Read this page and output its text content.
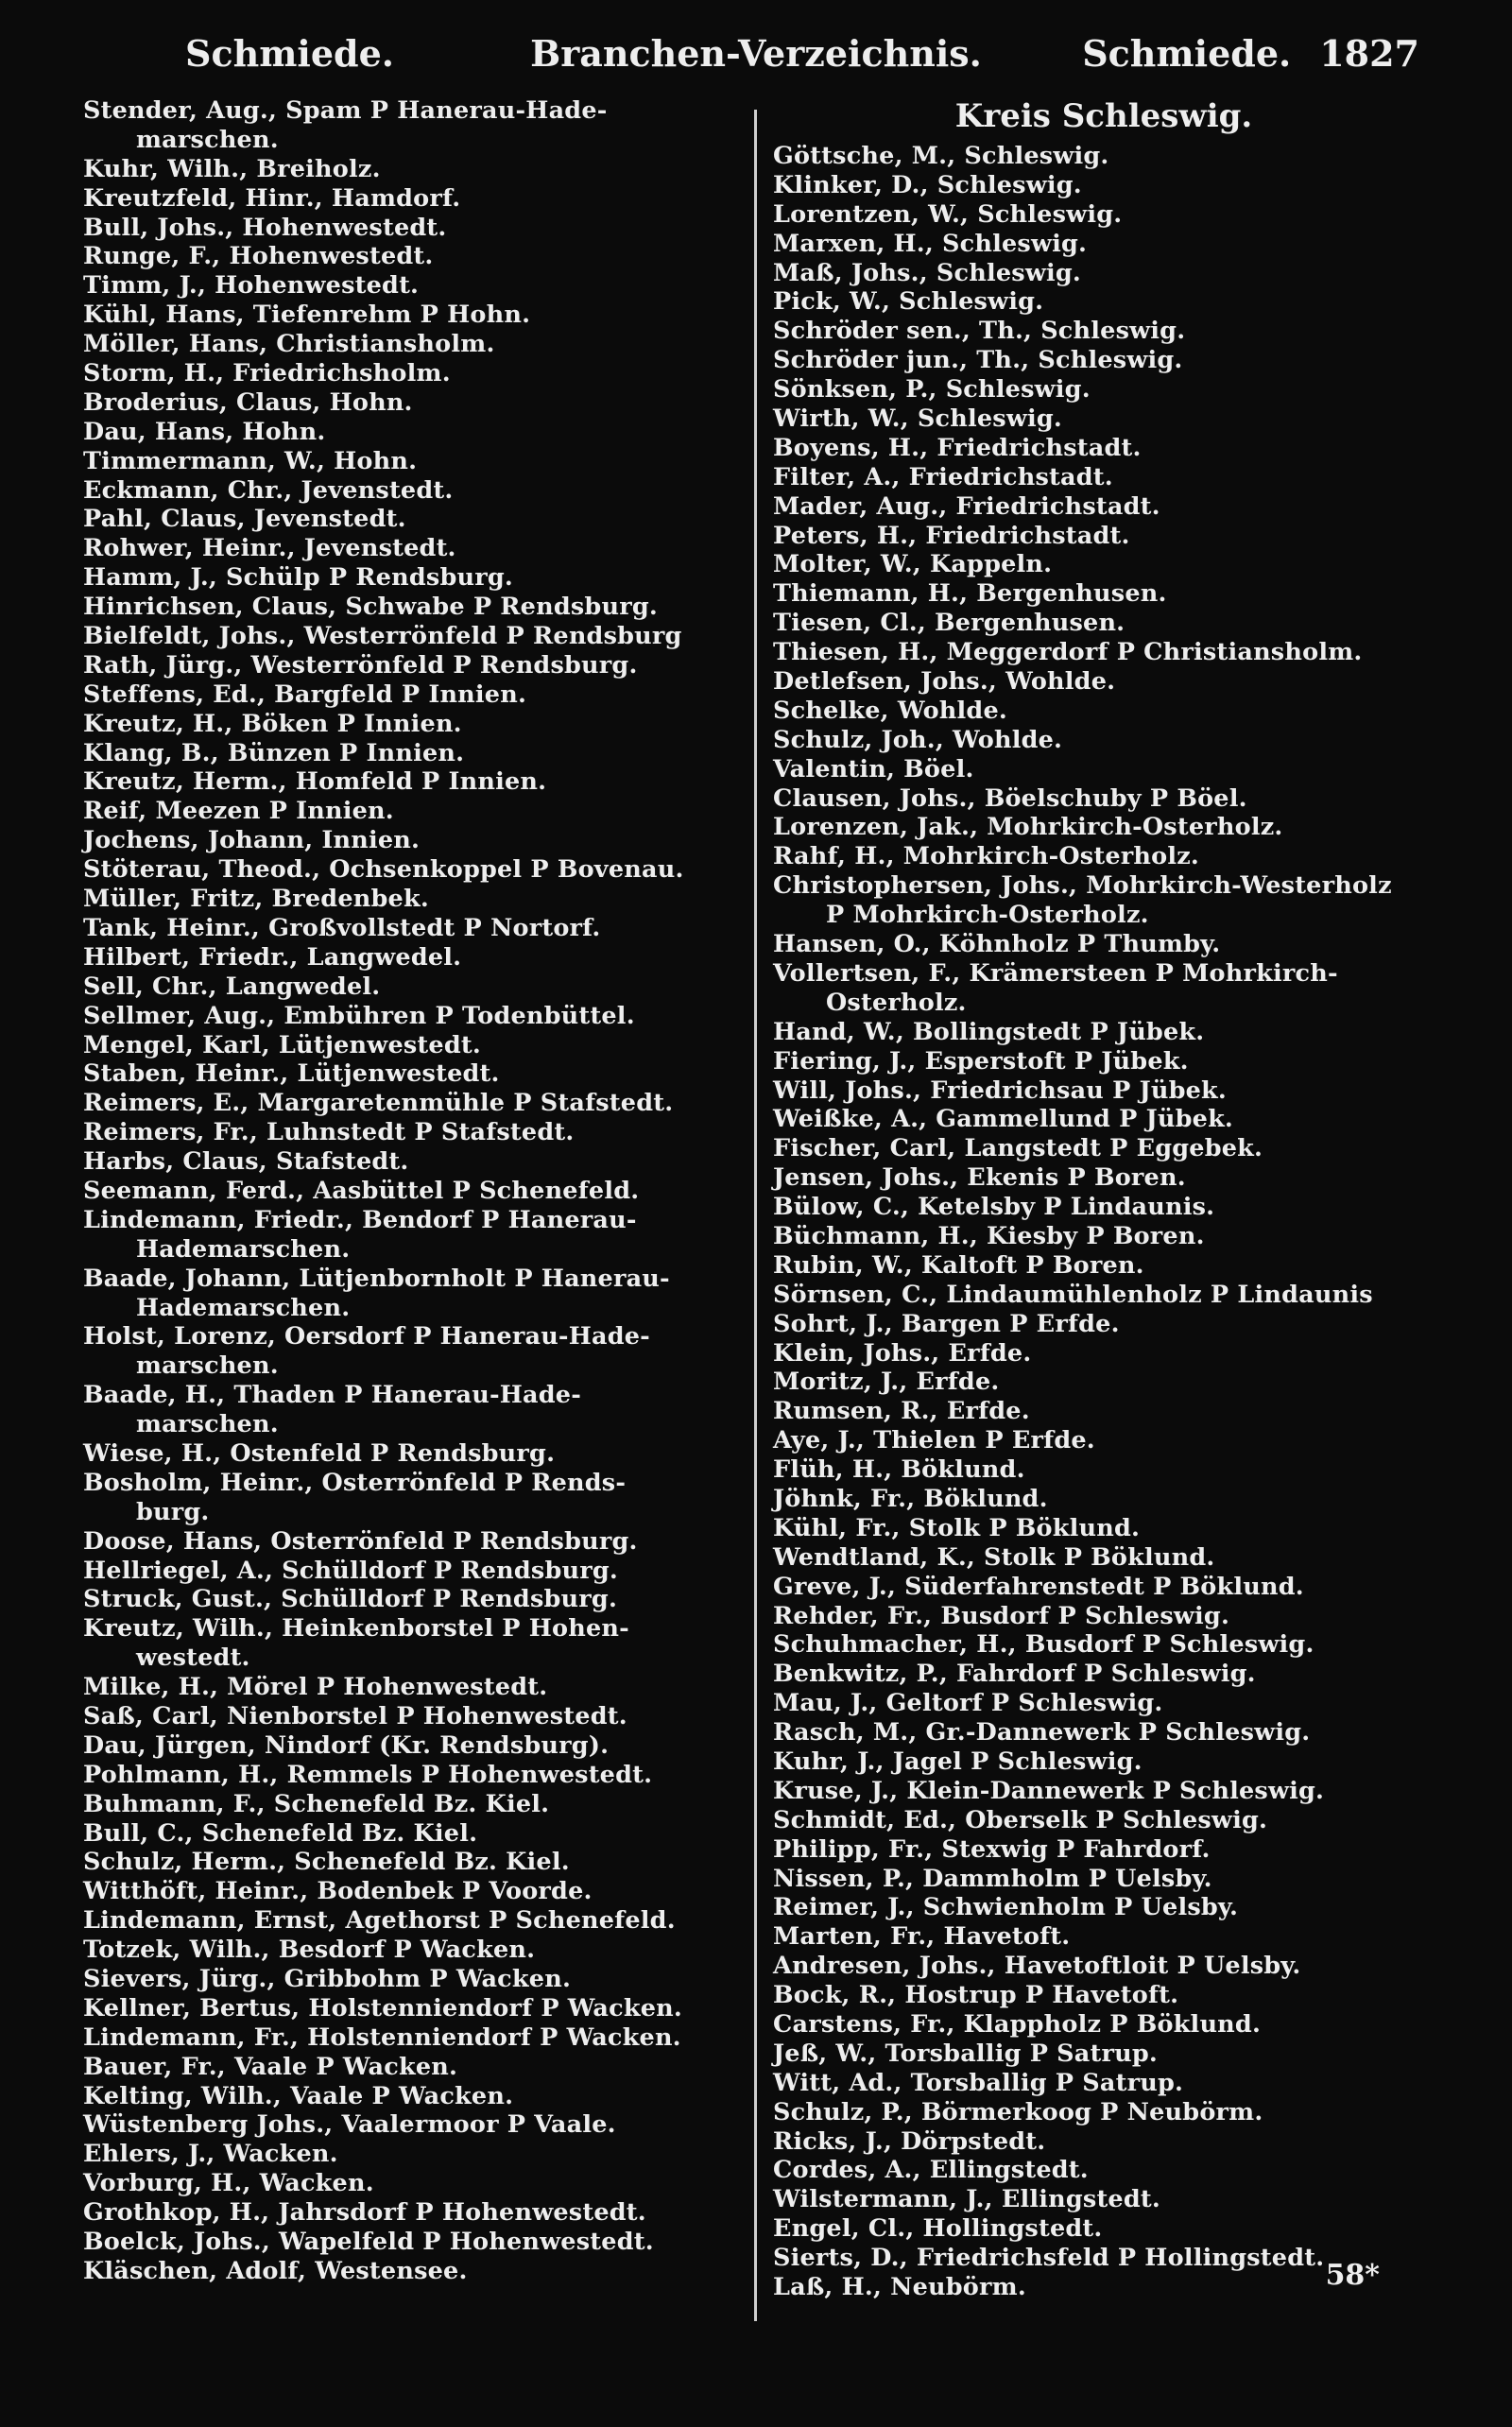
Branchen-Verzeichnis.
Schmiede.	Schmiede. 1827
Stender, Aug., Spam P Hanerau-Hade-
marschen.
Kuhr, Wilh., Breiholz.
Kreutzfeld, Hinr., Hamdorf.
Bull, Johs., Hohenwestedt.
Runge, F., Hohenwestedt.
Timm, J., Hohenwestedt.
Kühl, Hans, Tiefenrehm P Hohn.
Möller, Hans, Christiansholm.
Storm, H., Friedrichsholm.
Broderius, Claus, Hohn.
Dau, Hans, Hohn.
Timmermann, W., Hohn.
Eckmann, Chr., Jevenstedt.
Pahl, Claus, Jevenstedt.
Rohwer, Heinr., Jevenstedt.
Hamm, J., Schülp P Rendsburg.
Hinrichsen, Claus, Schwabe P Rendsburg.
Bielfeldt, Johs., Westerrönfeld P Rendsburg
Rath, Jürg., Westerrönfeld P Rendsburg.
Steffens, Ed., Bargfeld P Innien.
Kreutz, H., Böken P Innien.
Klang, B., Bünzen P Innien.
Kreutz, Herm., Homfeld P Innien.
Reif, Meezen P Innien.
Jochens, Johann, Innien.
Stöterau, Theod., Ochsenkoppel P Bovenau.
Müller, Fritz, Bredenbek.
Tank, Heinr., Großvollstedt P Nortorf.
Hilbert, Friedr., Langwedel.
Sell, Chr., Langwedel.
Sellmer, Aug., Embühren P Todenbüttel.
Mengel, Karl, Lütjenwestedt.
Staben, Heinr., Lütjenwestedt.
Reimers, E., Margaretenmühle P Stafstedt.
Reimers, Fr., Luhnstedt P Stafstedt.
Harbs, Claus, Stafstedt.
Seemann, Ferd., Aasbüttel P Schenefeld.
Lindemann, Friedr., Bendorf P Hanerau-
Hademarschen.
Baade, Johann, Lütjenbornholt P Hanerau-
Hademarschen.
Holst, Lorenz, Oersdorf P Hanerau-Hade-
marschen.
Baade, H., Thaden P Hanerau-Hade-
marschen.
Wiese, H., Ostenfeld P Rendsburg.
Bosholm, Heinr., Osterrönfeld P Rends-
burg.
Doose, Hans, Osterrönfeld P Rendsburg.
Hellriegel, A., Schülldorf P Rendsburg.
Struck, Gust., Schülldorf P Rendsburg.
Kreutz, Wilh., Heinkenborstel P Hohen-
westedt.
Milke, H., Mörel P Hohenwestedt.
Saß, Carl, Nienborstel P Hohenwestedt.
Dau, Jürgen, Nindorf (Kr. Rendsburg).
Pohlmann, H., Remmels P Hohenwestedt.
Buhmann, F., Schenefeld Bz. Kiel.
Bull, C., Schenefeld Bz. Kiel.
Schulz, Herm., Schenefeld Bz. Kiel.
Witthöft, Heinr., Bodenbek P Voorde.
Lindemann, Ernst, Agethorst P Schenefeld.
Totzek, Wilh., Besdorf P Wacken.
Sievers, Jürg., Gribbohm P Wacken.
Kellner, Bertus, Holstenniendorf P Wacken.
Lindemann, Fr., Holstenniendorf P Wacken.
Bauer, Fr., Vaale P Wacken.
Kelting, Wilh., Vaale P Wacken.
Wüstenberg Johs., Vaalermoor P Vaale.
Ehlers, J., Wacken.
Vorburg, H., Wacken.
Grothkop, H., Jahrsdorf P Hohenwestedt.
Boelck, Johs., Wapelfeld P Hohenwestedt.
Kläschen, Adolf, Westensee.
Kreis Schleswig.
Göttsche, M., Schleswig.
Klinker, D., Schleswig.
Lorentzen, W., Schleswig.
Marxen, H., Schleswig.
Maß, Johs., Schleswig.
Pick, W., Schleswig.
Schröder sen., Th., Schleswig.
Schröder jun., Th., Schleswig.
Sönksen, P., Schleswig.
Wirth, W., Schleswig.
Boyens, H., Friedrichstadt.
Filter, A., Friedrichstadt.
Mader, Aug., Friedrichstadt.
Peters, H., Friedrichstadt.
Molter, W., Kappeln.
Thiemann, H., Bergenhusen.
Tiesen, Cl., Bergenhusen.
Thiesen, H., Meggerdorf P Christiansholm.
Detlefsen, Johs., Wohlde.
Schelke, Wohlde.
Schulz, Joh., Wohlde.
Valentin, Böel.
Clausen, Johs., Böelschuby P Böel.
Lorenzen, Jak., Mohrkirch-Osterholz.
Rahf, H., Mohrkirch-Osterholz.
Christophersen, Johs., Mohrkirch-Westerholz
P Mohrkirch-Osterholz.
Hansen, O., Köhnholz P Thumby.
Vollertsen, F., Krämersteen P Mohrkirch-
Osterholz.
Hand, W., Bollingstedt P Jübek.
Fiering, J., Esperstoft P Jübek.
Will, Johs., Friedrichsau P Jübek.
Weißke, A., Gammellund P Jübek.
Fischer, Carl, Langstedt P Eggebek.
Jensen, Johs., Ekenis P Boren.
Bülow, C., Ketelsby P Lindaunis.
Büchmann, H., Kiesby P Boren.
Rubin, W., Kaltoft P Boren.
Sörnsen, C., Lindaumühlenholz P Lindaunis
Sohrt, J., Bargen P Erfde.
Klein, Johs., Erfde.
Moritz, J., Erfde.
Rumsen, R., Erfde.
Aye, J., Thielen P Erfde.
Flüh, H., Böklund.
Jöhnk, Fr., Böklund.
Kühl, Fr., Stolk P Böklund.
Wendtland, K., Stolk P Böklund.
Greve, J., Süderfahrenstedt P Böklund.
Rehder, Fr., Busdorf P Schleswig.
Schuhmacher, H., Busdorf P Schleswig.
Benkwitz, P., Fahrdorf P Schleswig.
Mau, J., Geltorf P Schleswig.
Rasch, M., Gr.-Dannewerk P Schleswig.
Kuhr, J., Jagel P Schleswig.
Kruse, J., Klein-Dannewerk P Schleswig.
Schmidt, Ed., Oberselk P Schleswig.
Philipp, Fr., Stexwig P Fahrdorf.
Nissen, P., Dammholm P Uelsby.
Reimer, J., Schwienholm P Uelsby.
Marten, Fr., Havetoft.
Andresen, Johs., Havetoftloit P Uelsby.
Bock, R., Hostrup P Havetoft.
Carstens, Fr., Klappholz P Böklund.
Jeß, W., Torsballig P Satrup.
Witt, Ad., Torsballig P Satrup.
Schulz, P., Börmerkoog P Neubörm.
Ricks, J., Dörpstedt.
Cordes, A., Ellingstedt.
Wilstermann, J., Ellingstedt.
Engel, Cl., Hollingstedt.
Sierts, D., Friedrichsfeld P Hollingstedt.
Laß, H., Neubörm.	58*
